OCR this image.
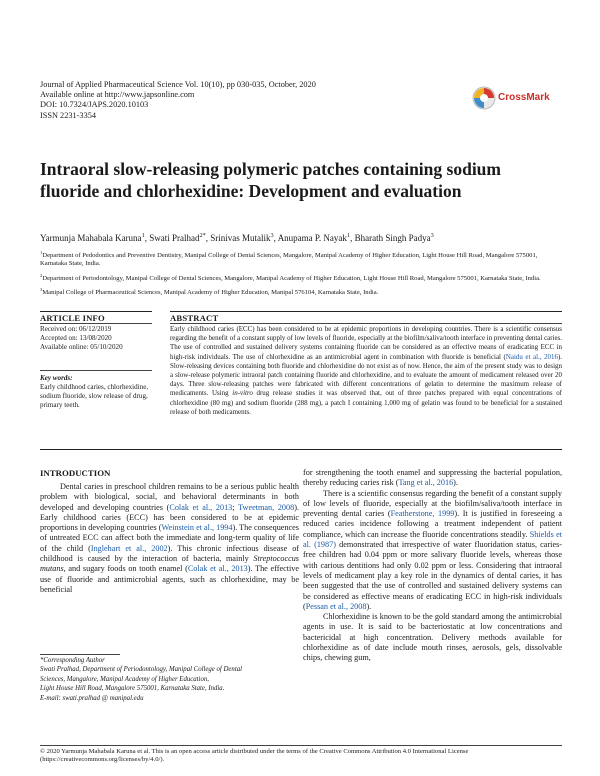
Journal of Applied Pharmaceutical Science Vol. 10(10), pp 030-035, October, 2020
Available online at http://www.japsonline.com
DOI: 10.7324/JAPS.2020.10103
ISSN 2231-3354
CrossMark
Intraoral slow-releasing polymeric patches containing sodium fluoride and chlorhexidine: Development and evaluation
Yarmunja Mahabala Karuna$^1$, Swati Pralhad$^{2*}$, Srinivas Mutalik$^3$, Anupama P. Nayak$^1$, Bharath Singh Padya$^3$

$^1$Department of Pedodontics and Preventive Dentistry, Manipal College of Dental Sciences, Mangalore, Manipal Academy of Higher Education, Light House Hill Road, Mangalore 575001, Karnataka State, India.

$^2$Department of Periodontology, Manipal College of Dental Sciences, Mangalore, Manipal Academy of Higher Education, Light House Hill Road, Mangalore 575001, Karnataka State, India.

$^3$Manipal College of Pharmaceutical Sciences, Manipal Academy of Higher Education, Manipal 576104, Karnataka State, India.

ARTICLE INFO	ABSTRACT
Received on: 06/12/2019
Accepted on: 13/08/2020
Available online: 05/10/2020
Key words:
Early childhood caries, chlorhexidine, sodium fluoride, slow release of drug, primary teeth.
Early childhood caries (ECC) has been considered to be at epidemic proportions in developing countries. There is a scientific consensus regarding the benefit of a constant supply of low levels of fluoride, especially at the biofilm/saliva/tooth interface in preventing dental caries. The use of controlled and sustained delivery systems containing fluoride can be considered as an effective means of eradicating ECC in high-risk individuals. The use of chlorhexidine as an antimicrobial agent in combination with fluoride is beneficial (Naidu et al., 2016). Slow-releasing devices containing both fluoride and chlorhexidine do not exist as of now. Hence, the aim of the present study was to design a slow-release polymeric intraoral patch containing fluoride and chlorhexidine, and to evaluate the amount of medicament released over 20 days. Three slow-releasing patches were fabricated with different concentrations of gelatin to determine the maximum release of medicaments. Using in-vitro drug release studies it was observed that, out of three patches prepared with equal concentrations of chlorhexidine (80 mg) and sodium fluoride (288 mg), a patch I containing 1,000 mg of gelatin was found to be beneficial for a sustained release of both medicaments.
INTRODUCTION

Dental caries in preschool children remains to be a serious public health problem with biological, social, and behavioral determinants in both developed and developing countries (Colak et al., 2013; Tweetman, 2008). Early childhood caries (ECC) has been considered to be at epidemic proportions in developing countries (Weinstein et al., 1994). The consequences of untreated ECC can affect both the immediate and long-term quality of life of the child (Inglehart et al., 2002). This chronic infectious disease of childhood is caused by the interaction of bacteria, mainly Streptococcus mutans, and sugary foods on tooth enamel (Colak et al., 2013). The effective use of fluoride and antimicrobial agents, such as chlorhexidine, may be beneficial

for strengthening the tooth enamel and suppressing the bacterial population, thereby reducing caries risk (Tang et al., 2016).

There is a scientific consensus regarding the benefit of a constant supply of low levels of fluoride, especially at the biofilm/saliva/tooth interface in preventing dental caries (Featherstone, 1999). It is justified in foreseeing a reduced caries incidence following a treatment independent of patient compliance, which can increase the fluoride concentrations steadily. Shields et al. (1987) demonstrated that irrespective of water fluoridation status, caries-free children had 0.04 ppm or more salivary fluoride levels, whereas those with carious dentitions had only 0.02 ppm or less. Considering that intraoral levels of medicament play a key role in the dynamics of dental caries, it has been suggested that the use of controlled and sustained delivery systems can be considered as effective means of eradicating ECC in high-risk individuals (Pessan et al., 2008).

Chlorhexidine is known to be the gold standard among the antimicrobial agents in use. It is said to be bacteriostatic at low concentrations and bactericidal at high concentration. Delivery methods available for chlorhexidine as of date include mouth rinses, aerosols, gels, dissolvable chips, chewing gum,

*Corresponding Author
Swati Pralhad, Department of Periodontology, Manipal College of Dental
Sciences, Mangalore, Manipal Academy of Higher Education,
Light House Hill Road, Mangalore 575001, Karnataka State, India.
E-mail: swati.pralhad @ manipal.edu
© 2020 Yarmunja Mahabala Karuna et al. This is an open access article distributed under the terms of the Creative Commons Attribution 4.0 International License (https://creativecommons.org/licenses/by/4.0/).
